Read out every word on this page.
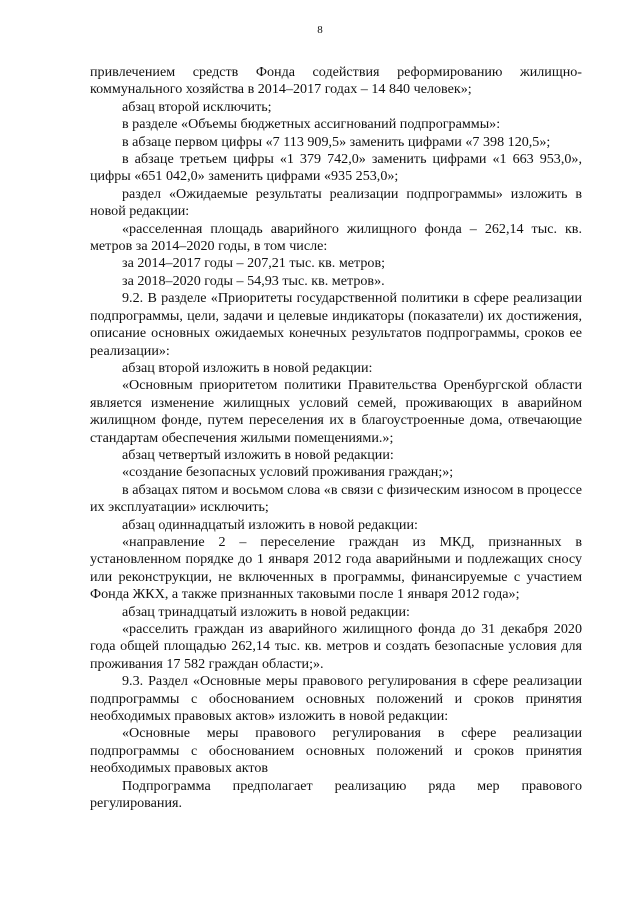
8

привлечением средств Фонда содействия реформированию жилищно-коммунального хозяйства в 2014–2017 годах – 14 840 человек»;

абзац второй исключить;

в разделе «Объемы бюджетных ассигнований подпрограммы»:

в абзаце первом цифры «7 113 909,5» заменить цифрами «7 398 120,5»;

в абзаце третьем цифры «1 379 742,0» заменить цифрами «1 663 953,0», цифры «651 042,0» заменить цифрами «935 253,0»;

раздел «Ожидаемые результаты реализации подпрограммы» изложить в новой редакции:

«расселенная площадь аварийного жилищного фонда – 262,14 тыс. кв. метров за 2014–2020 годы, в том числе:

за 2014–2017 годы – 207,21 тыс. кв. метров;

за 2018–2020 годы – 54,93 тыс. кв. метров».

9.2. В разделе «Приоритеты государственной политики в сфере реализации подпрограммы, цели, задачи и целевые индикаторы (показатели) их достижения, описание основных ожидаемых конечных результатов подпрограммы, сроков ее реализации»:

абзац второй изложить в новой редакции:

«Основным приоритетом политики Правительства Оренбургской области является изменение жилищных условий семей, проживающих в аварийном жилищном фонде, путем переселения их в благоустроенные дома, отвечающие стандартам обеспечения жилыми помещениями.»;

абзац четвертый изложить в новой редакции:

«создание безопасных условий проживания граждан;»;

в абзацах пятом и восьмом слова «в связи с физическим износом в процессе их эксплуатации» исключить;

абзац одиннадцатый изложить в новой редакции:

«направление 2 – переселение граждан из МКД, признанных в установленном порядке до 1 января 2012 года аварийными и подлежащих сносу или реконструкции, не включенных в программы, финансируемые с участием Фонда ЖКХ, а также признанных таковыми после 1 января 2012 года»;

абзац тринадцатый изложить в новой редакции:

«расселить граждан из аварийного жилищного фонда до 31 декабря 2020 года общей площадью 262,14 тыс. кв. метров и создать безопасные условия для проживания 17 582 граждан области;».

9.3. Раздел «Основные меры правового регулирования в сфере реализации подпрограммы с обоснованием основных положений и сроков принятия необходимых правовых актов» изложить в новой редакции:

«Основные меры правового регулирования в сфере реализации подпрограммы с обоснованием основных положений и сроков принятия необходимых правовых актов

Подпрограмма предполагает реализацию ряда мер правового регулирования.
